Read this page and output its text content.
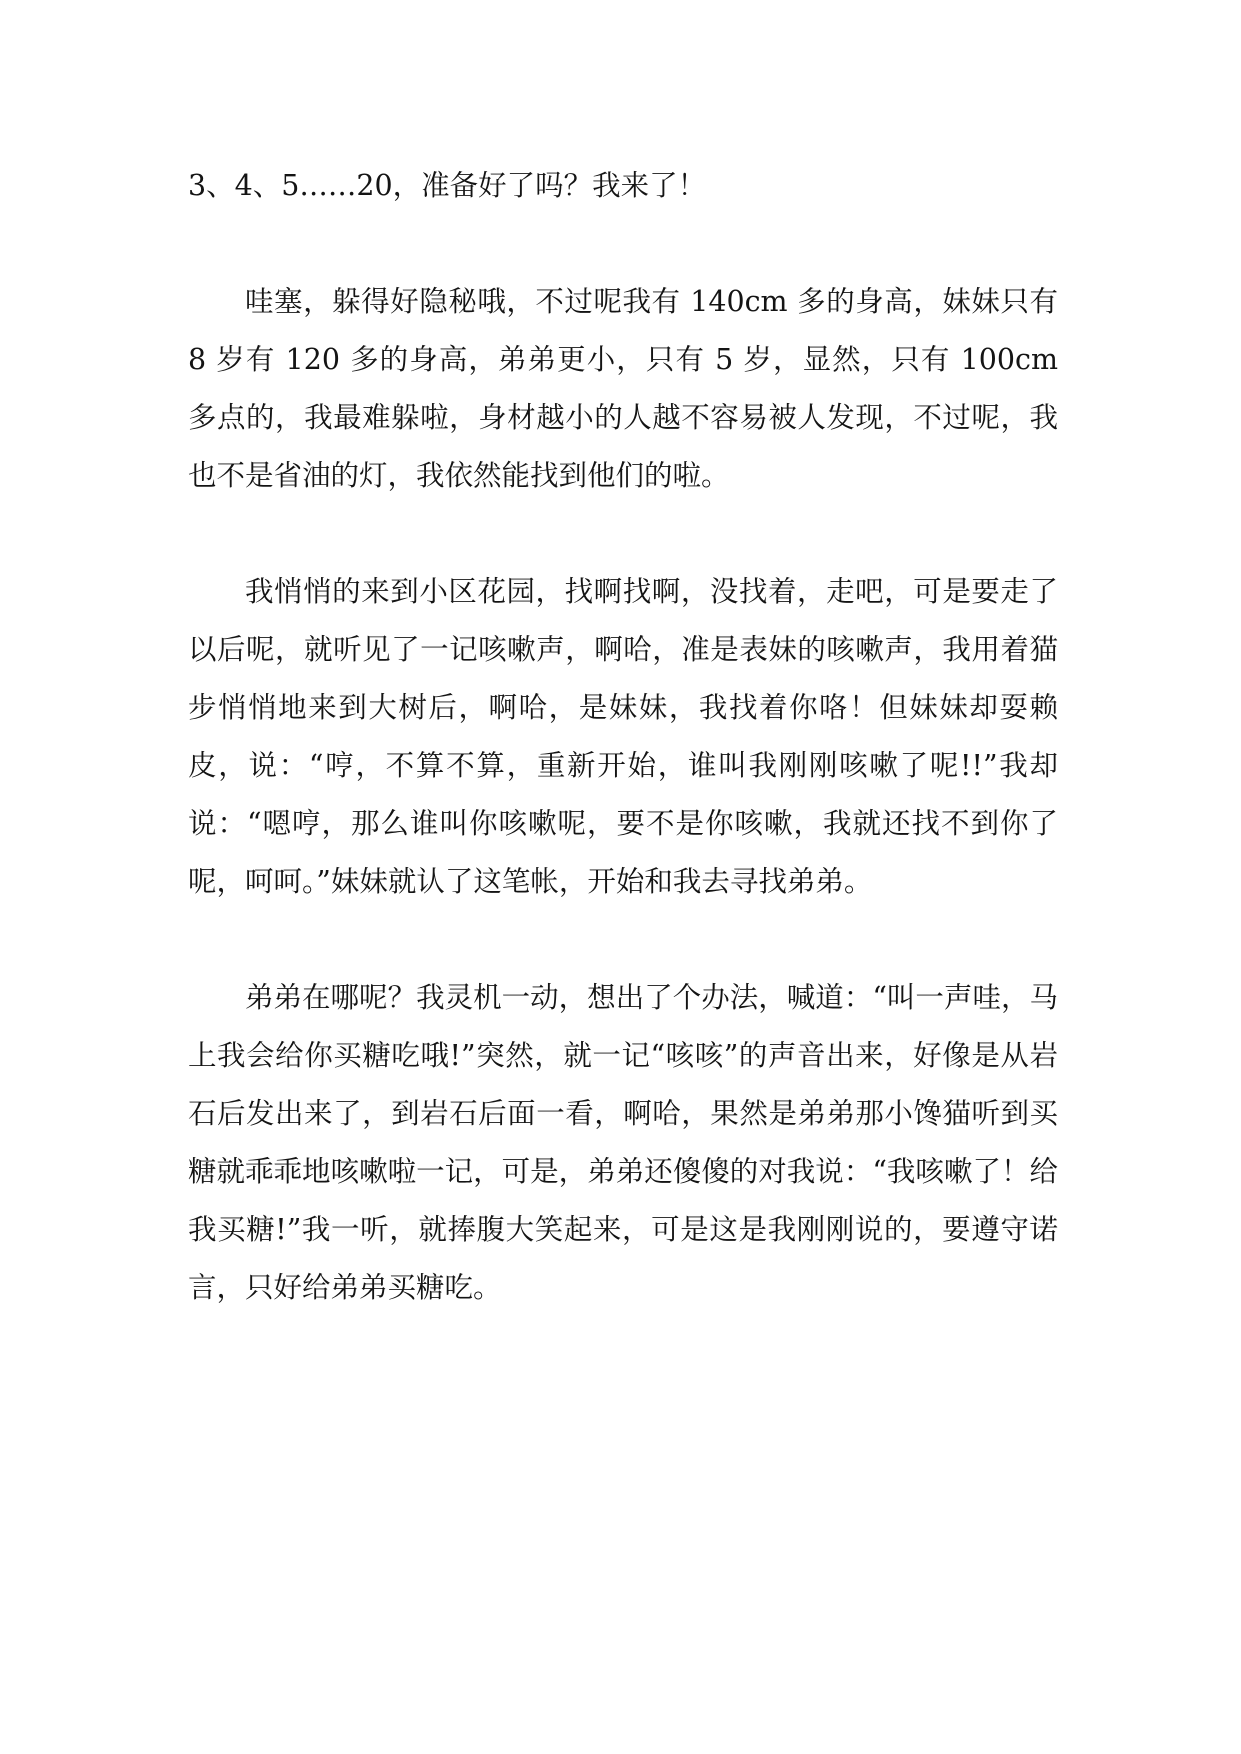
3、4、5……20，准备好了吗？我来了！

哇塞，躲得好隐秘哦，不过呢我有 140cm 多的身高，妹妹只有 8 岁有 120 多的身高，弟弟更小，只有 5 岁，显然，只有 100cm 多点的，我最难躲啦，身材越小的人越不容易被人发现，不过呢，我也不是省油的灯，我依然能找到他们的啦。

我悄悄的来到小区花园，找啊找啊，没找着，走吧，可是要走了以后呢，就听见了一记咳嗽声，啊哈，准是表妹的咳嗽声，我用着猫步悄悄地来到大树后，啊哈，是妹妹，我找着你咯！但妹妹却耍赖皮，说：“哼，不算不算，重新开始，谁叫我刚刚咳嗽了呢!!”我却说：“嗯哼，那么谁叫你咳嗽呢，要不是你咳嗽，我就还找不到你了呢，呵呵。”妹妹就认了这笔帐，开始和我去寻找弟弟。

弟弟在哪呢？我灵机一动，想出了个办法，喊道：“叫一声哇，马上我会给你买糖吃哦!”突然，就一记“咳咳”的声音出来，好像是从岩石后发出来了，到岩石后面一看，啊哈，果然是弟弟那小馋猫听到买糖就乖乖地咳嗽啦一记，可是，弟弟还傻傻的对我说：“我咳嗽了！给我买糖!”我一听，就捧腹大笑起来，可是这是我刚刚说的，要遵守诺言，只好给弟弟买糖吃。
